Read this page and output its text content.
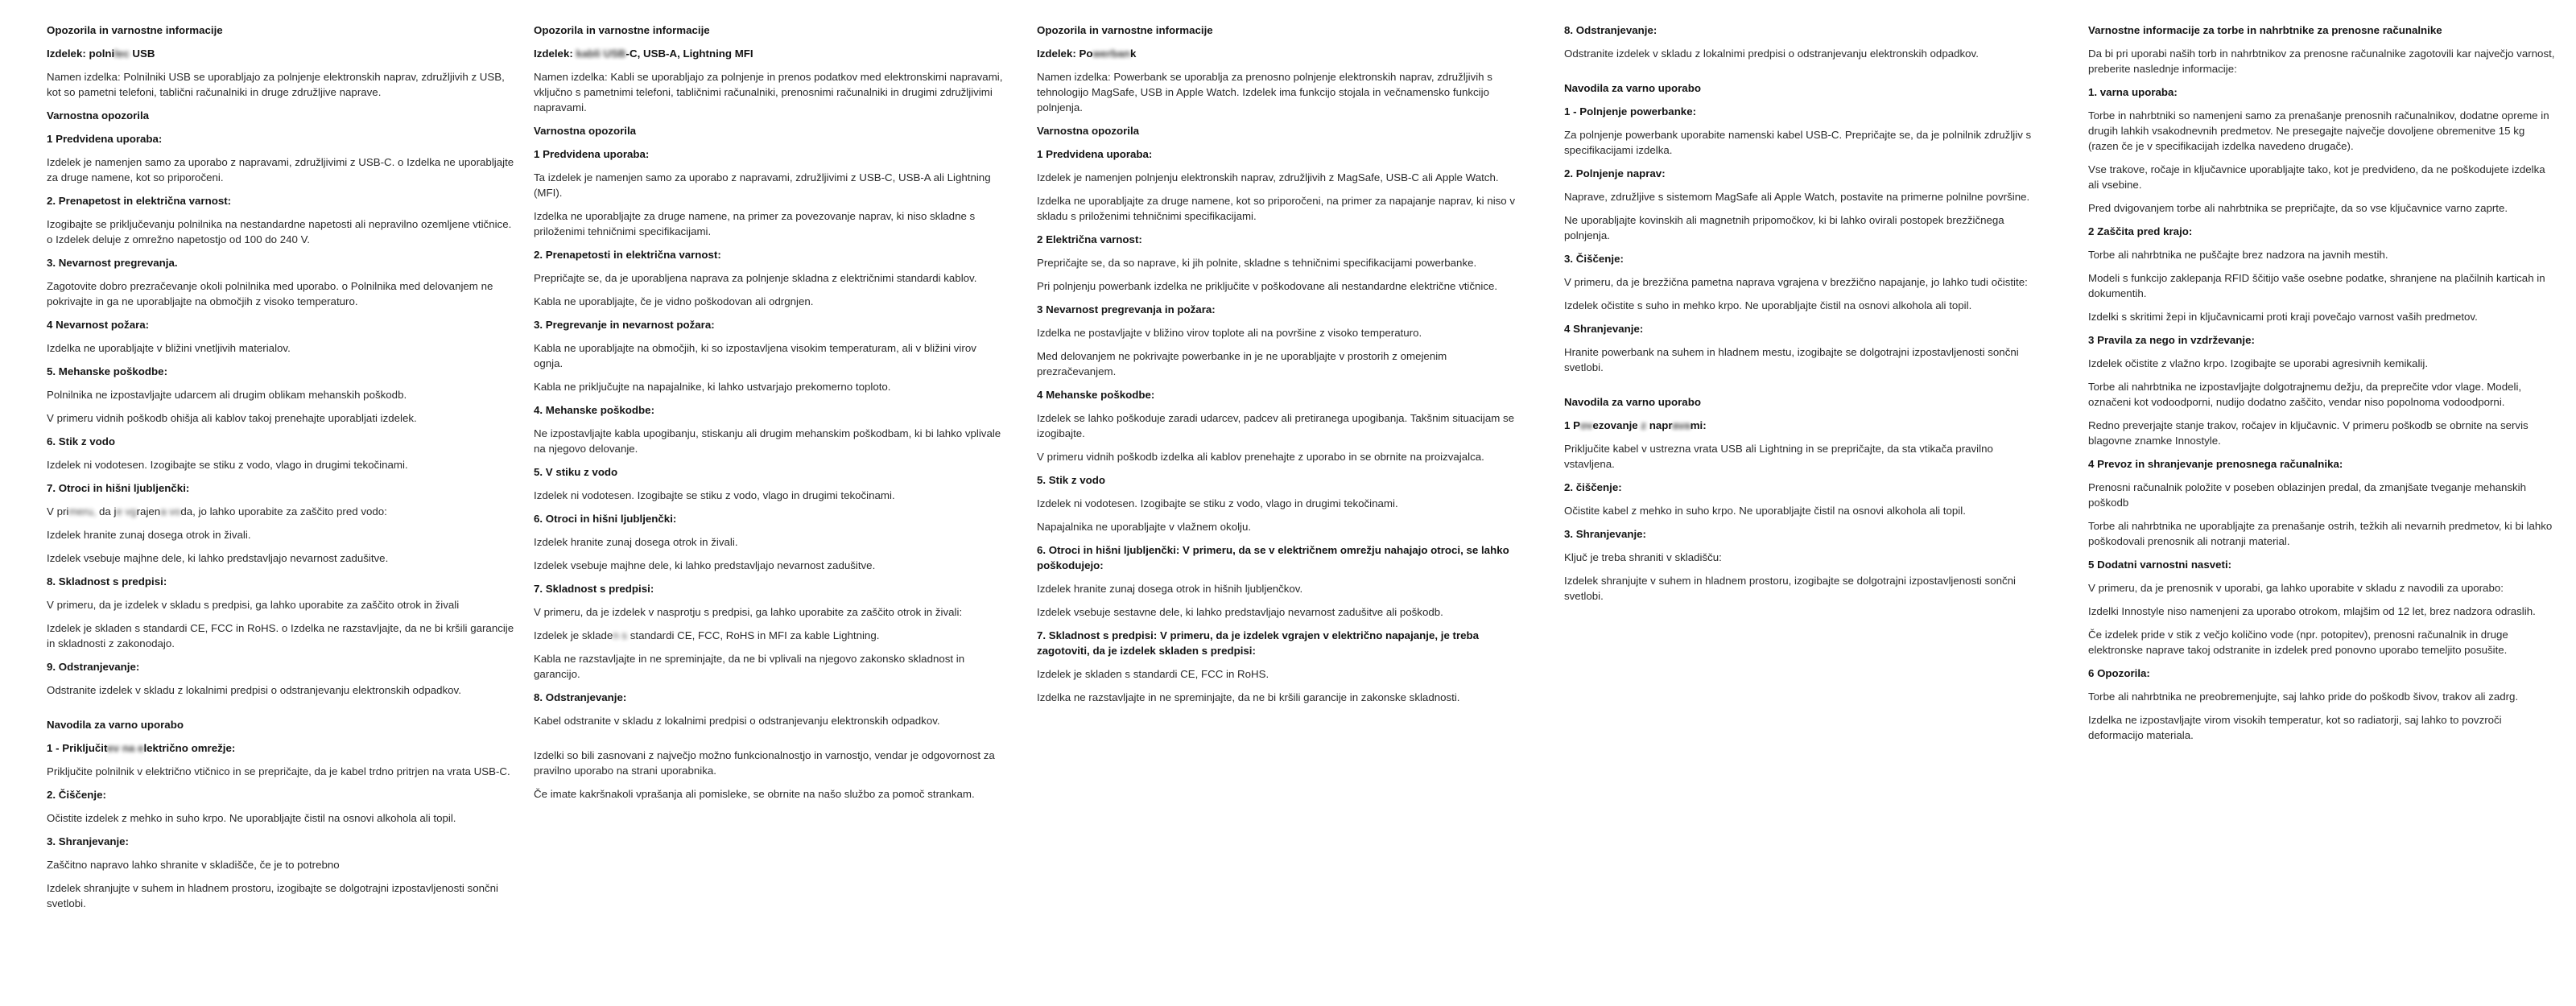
Opozorila in varnostne informacije
Izdelek: polnilec USB
Namen izdelka: Polnilniki USB se uporabljajo za polnjenje elektronskih naprav, združljivih z USB, kot so pametni telefoni, tablični računalniki in druge združljive naprave.
Varnostna opozorila
1 Predvidena uporaba:
Izdelek je namenjen samo za uporabo z napravami, združljivimi z USB-C. o Izdelka ne uporabljajte za druge namene, kot so priporočeni.
2. Prenapetost in električna varnost:
Izogibajte se priključevanju polnilnika na nestandardne napetosti ali nepravilno ozemljene vtičnice. o Izdelek deluje z omrežno napetostjo od 100 do 240 V.
3. Nevarnost pregrevanja.
Zagotovite dobro prezračevanje okoli polnilnika med uporabo. o Polnilnika med delovanjem ne pokrivajte in ga ne uporabljajte na območjih z visoko temperaturo.
4 Nevarnost požara:
Izdelka ne uporabljajte v bližini vnetljivih materialov.
5. Mehanske poškodbe:
Polnilnika ne izpostavljajte udarcem ali drugim oblikam mehanskih poškodb.
V primeru vidnih poškodb ohišja ali kablov takoj prenehajte uporabljati izdelek.
6. Stik z vodo
Izdelek ni vodotesen. Izogibajte se stiku z vodo, vlago in drugimi tekočinami.
7. Otroci in hišni ljubljenčki:
V primeru, da je vgrajena voda, jo lahko uporabite za zaščito pred vodo:
Izdelek hranite zunaj dosega otrok in živali.
Izdelek vsebuje majhne dele, ki lahko predstavljajo nevarnost zadušitve.
8. Skladnost s predpisi:
V primeru, da je izdelek v skladu s predpisi, ga lahko uporabite za zaščito otrok in živali
Izdelek je skladen s standardi CE, FCC in RoHS. o Izdelka ne razstavljajte, da ne bi kršili garancije in skladnosti z zakonodajo.
9. Odstranjevanje:
Odstranite izdelek v skladu z lokalnimi predpisi o odstranjevanju elektronskih odpadkov.
Navodila za varno uporabo
1 - Priključitev na električno omrežje:
Priključite polnilnik v električno vtičnico in se prepričajte, da je kabel trdno pritrjen na vrata USB-C.
2. Čiščenje:
Očistite izdelek z mehko in suho krpo. Ne uporabljajte čistil na osnovi alkohola ali topil.
3. Shranjevanje:
Zaščitno napravo lahko shranite v skladišče, če je to potrebno
Izdelek shranjujte v suhem in hladnem prostoru, izogibajte se dolgotrajni izpostavljenosti sončni svetlobi.
Opozorila in varnostne informacije
Izdelek: kabli USB-C, USB-A, Lightning MFI
Namen izdelka: Kabli se uporabljajo za polnjenje in prenos podatkov med elektronskimi napravami, vključno s pametnimi telefoni, tabličnimi računalniki, prenosnimi računalniki in drugimi združljivimi napravami.
Varnostna opozorila
1 Predvidena uporaba:
Ta izdelek je namenjen samo za uporabo z napravami, združljivimi z USB-C, USB-A ali Lightning (MFI).
Izdelka ne uporabljajte za druge namene, na primer za povezovanje naprav, ki niso skladne s priloženimi tehničnimi specifikacijami.
2. Prenapetosti in električna varnost:
Prepričajte se, da je uporabljena naprava za polnjenje skladna z električnimi standardi kablov.
Kabla ne uporabljajte, če je vidno poškodovan ali odrgnjen.
3. Pregrevanje in nevarnost požara:
Kabla ne uporabljajte na območjih, ki so izpostavljena visokim temperaturam, ali v bližini virov ognja.
Kabla ne priključujte na napajalnike, ki lahko ustvarjajo prekomerno toploto.
4. Mehanske poškodbe:
Ne izpostavljajte kabla upogibanju, stiskanju ali drugim mehanskim poškodbam, ki bi lahko vplivale na njegovo delovanje.
5. V stiku z vodo
Izdelek ni vodotesen. Izogibajte se stiku z vodo, vlago in drugimi tekočinami.
6. Otroci in hišni ljubljenčki:
Izdelek hranite zunaj dosega otrok in živali.
Izdelek vsebuje majhne dele, ki lahko predstavljajo nevarnost zadušitve.
7. Skladnost s predpisi:
V primeru, da je izdelek v nasprotju s predpisi, ga lahko uporabite za zaščito otrok in živali:
Izdelek je skladen s standardi CE, FCC, RoHS in MFI za kable Lightning.
Kabla ne razstavljajte in ne spreminjajte, da ne bi vplivali na njegovo zakonsko skladnost in garancijo.
8. Odstranjevanje:
Kabel odstranite v skladu z lokalnimi predpisi o odstranjevanju elektronskih odpadkov.
Izdelki so bili zasnovani z največjo možno funkcionalnostjo in varnostjo, vendar je odgovornost za pravilno uporabo na strani uporabnika.
Če imate kakršnakoli vprašanja ali pomisleke, se obrnite na našo službo za pomoč strankam.
Opozorila in varnostne informacije
Izdelek: Powerbank
Namen izdelka: Powerbank se uporablja za prenosno polnjenje elektronskih naprav, združljivih s tehnologijo MagSafe, USB in Apple Watch. Izdelek ima funkcijo stojala in večnamensko funkcijo polnjenja.
Varnostna opozorila
1 Predvidena uporaba:
Izdelek je namenjen polnjenju elektronskih naprav, združljivih z MagSafe, USB-C ali Apple Watch.
Izdelka ne uporabljajte za druge namene, kot so priporočeni, na primer za napajanje naprav, ki niso v skladu s priloženimi tehničnimi specifikacijami.
2 Električna varnost:
Prepričajte se, da so naprave, ki jih polnite, skladne s tehničnimi specifikacijami powerbanke.
Pri polnjenju powerbank izdelka ne priključite v poškodovane ali nestandardne električne vtičnice.
3 Nevarnost pregrevanja in požara:
Izdelka ne postavljajte v bližino virov toplote ali na površine z visoko temperaturo.
Med delovanjem ne pokrivajte powerbanke in je ne uporabljajte v prostorih z omejenim prezračevanjem.
4 Mehanske poškodbe:
Izdelek se lahko poškoduje zaradi udarcev, padcev ali pretiranega upogibanja. Takšnim situacijam se izogibajte.
V primeru vidnih poškodb izdelka ali kablov prenehajte z uporabo in se obrnite na proizvajalca.
5. Stik z vodo
Izdelek ni vodotesen. Izogibajte se stiku z vodo, vlago in drugimi tekočinami.
Napajalnika ne uporabljajte v vlažnem okolju.
6. Otroci in hišni ljubljenčki: V primeru, da se v električnem omrežju nahajajo otroci, se lahko poškodujejo:
Izdelek hranite zunaj dosega otrok in hišnih ljubljenčkov.
Izdelek vsebuje sestavne dele, ki lahko predstavljajo nevarnost zadušitve ali poškodb.
7. Skladnost s predpisi: V primeru, da je izdelek vgrajen v električno napajanje, je treba zagotoviti, da je izdelek skladen s predpisi:
Izdelek je skladen s standardi CE, FCC in RoHS.
Izdelka ne razstavljajte in ne spreminjajte, da ne bi kršili garancije in zakonske skladnosti.
8. Odstranjevanje:
Odstranite izdelek v skladu z lokalnimi predpisi o odstranjevanju elektronskih odpadkov.
Navodila za varno uporabo
1 - Polnjenje powerbanke:
Za polnjenje powerbank uporabite namenski kabel USB-C. Prepričajte se, da je polnilnik združljiv s specifikacijami izdelka.
2. Polnjenje naprav:
Naprave, združljive s sistemom MagSafe ali Apple Watch, postavite na primerne polnilne površine.
Ne uporabljajte kovinskih ali magnetnih pripomočkov, ki bi lahko ovirali postopek brezžičnega polnjenja.
3. Čiščenje:
V primeru, da je brezžična pametna naprava vgrajena v brezžično napajanje, jo lahko tudi očistite:
Izdelek očistite s suho in mehko krpo. Ne uporabljajte čistil na osnovi alkohola ali topil.
4 Shranjevanje:
Hranite powerbank na suhem in hladnem mestu, izogibajte se dolgotrajni izpostavljenosti sončni svetlobi.
Navodila za varno uporabo
1 Povezovanje z napravami:
Priključite kabel v ustrezna vrata USB ali Lightning in se prepričajte, da sta vtikača pravilno vstavljena.
2. čiščenje:
Očistite kabel z mehko in suho krpo. Ne uporabljajte čistil na osnovi alkohola ali topil.
3. Shranjevanje:
Ključ je treba shraniti v skladišču:
Izdelek shranjujte v suhem in hladnem prostoru, izogibajte se dolgotrajni izpostavljenosti sončni svetlobi.
Varnostne informacije za torbe in nahrbtnike za prenosne računalnike
Da bi pri uporabi naših torb in nahrbtnikov za prenosne računalnike zagotovili kar največjo varnost, preberite naslednje informacije:
1. varna uporaba:
Torbe in nahrbtniki so namenjeni samo za prenašanje prenosnih računalnikov, dodatne opreme in drugih lahkih vsakodnevnih predmetov. Ne presegajte največje dovoljene obremenitve 15 kg (razen če je v specifikacijah izdelka navedeno drugače).
Vse trakove, ročaje in ključavnice uporabljajte tako, kot je predvideno, da ne poškodujete izdelka ali vsebine.
Pred dvigovanjem torbe ali nahrbtnika se prepričajte, da so vse ključavnice varno zaprte.
2 Zaščita pred krajo:
Torbe ali nahrbtnika ne puščajte brez nadzora na javnih mestih.
Modeli s funkcijo zaklepanja RFID ščitijo vaše osebne podatke, shranjene na plačilnih karticah in dokumentih.
Izdelki s skritimi žepi in ključavnicami proti kraji povečajo varnost vaših predmetov.
3 Pravila za nego in vzdrževanje:
Izdelek očistite z vlažno krpo. Izogibajte se uporabi agresivnih kemikalij.
Torbe ali nahrbtnika ne izpostavljajte dolgotrajnemu dežju, da preprečite vdor vlage. Modeli, označeni kot vodoodporni, nudijo dodatno zaščito, vendar niso popolnoma vodoodporni.
Redno preverjajte stanje trakov, ročajev in ključavnic. V primeru poškodb se obrnite na servis blagovne znamke Innostyle.
4 Prevoz in shranjevanje prenosnega računalnika:
Prenosni računalnik položite v poseben oblazinjen predal, da zmanjšate tveganje mehanskih poškodb
Torbe ali nahrbtnika ne uporabljajte za prenašanje ostrih, težkih ali nevarnih predmetov, ki bi lahko poškodovali prenosnik ali notranji material.
5 Dodatni varnostni nasveti:
V primeru, da je prenosnik v uporabi, ga lahko uporabite v skladu z navodili za uporabo:
Izdelki Innostyle niso namenjeni za uporabo otrokom, mlajšim od 12 let, brez nadzora odraslih.
Če izdelek pride v stik z večjo količino vode (npr. potopitev), prenosni računalnik in druge elektronske naprave takoj odstranite in izdelek pred ponovno uporabo temeljito posušite.
6 Opozorila:
Torbe ali nahrbtnika ne preobremenjujte, saj lahko pride do poškodb šivov, trakov ali zadrg.
Izdelka ne izpostavljajte virom visokih temperatur, kot so radiatorji, saj lahko to povzroči deformacijo materiala.
